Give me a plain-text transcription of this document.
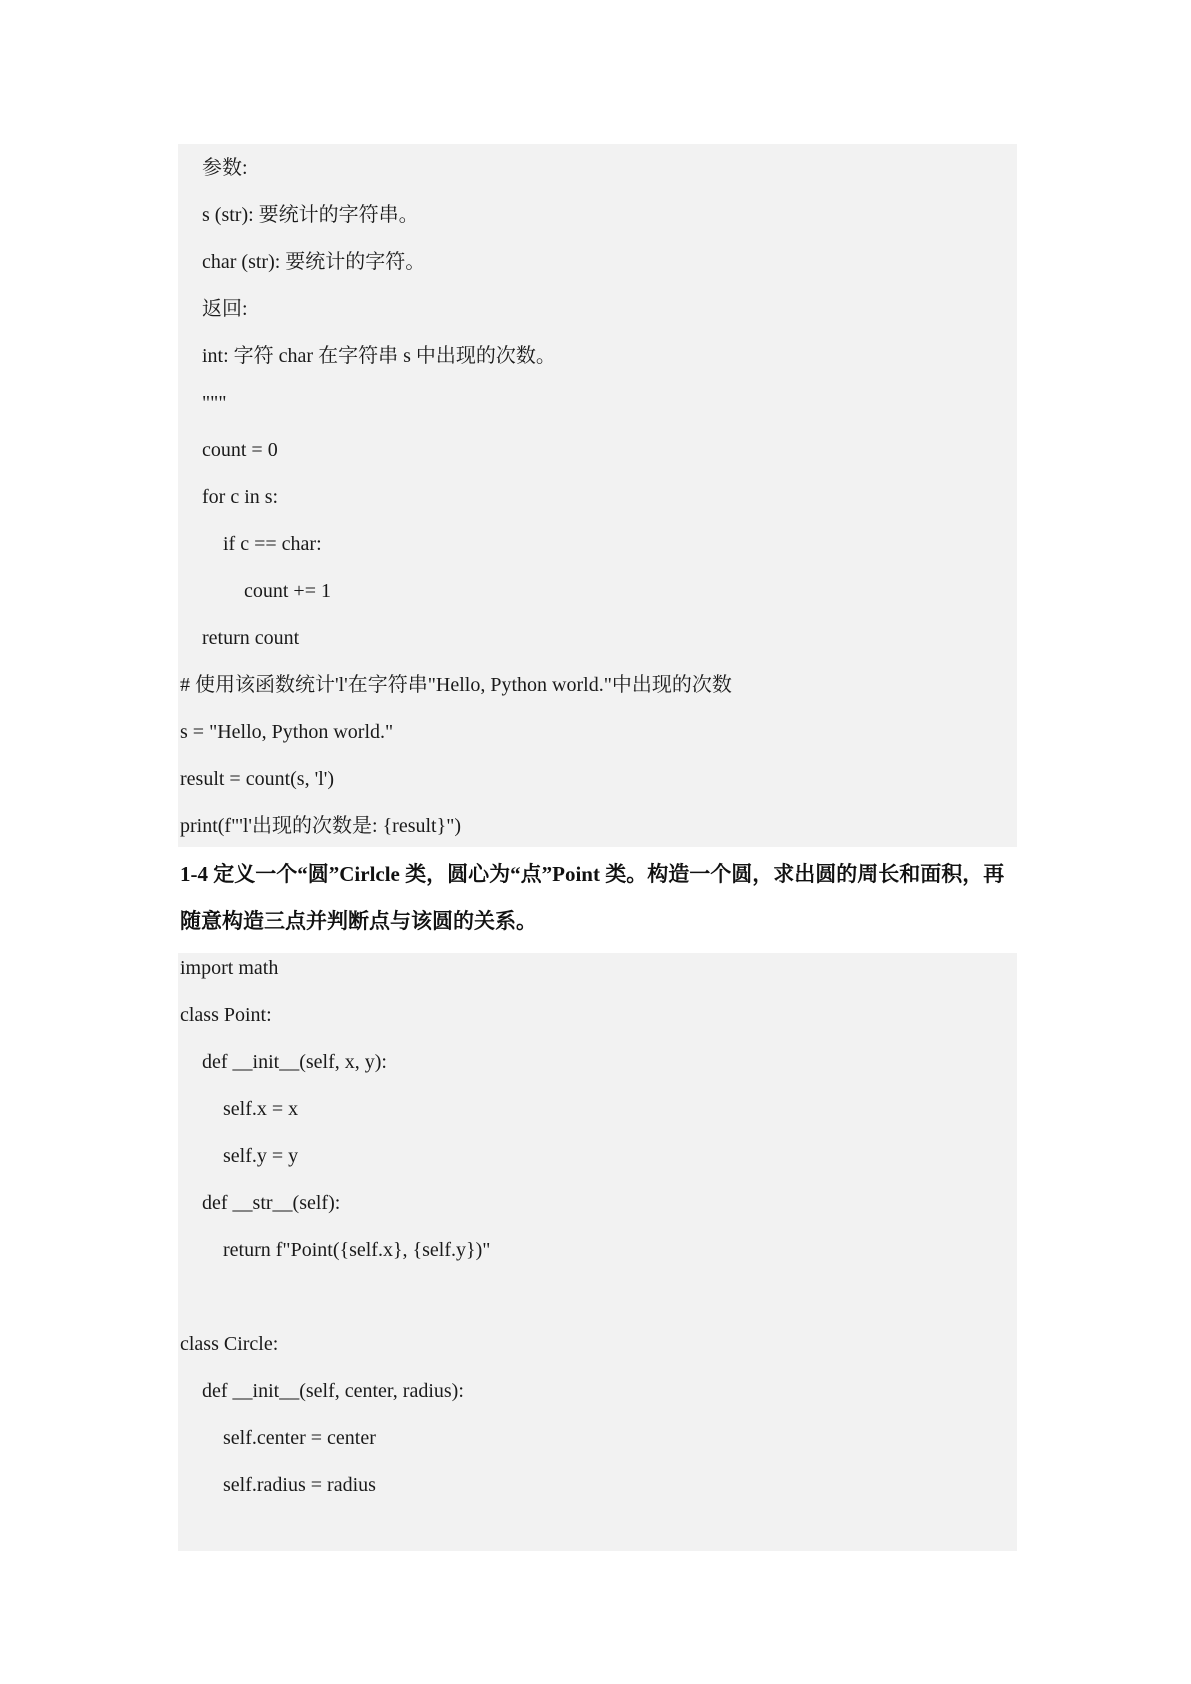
参数:
s (str): 要统计的字符串。
char (str): 要统计的字符。
返回:
int: 字符 char 在字符串 s 中出现的次数。
"""
count = 0
for c in s:
if c == char:
count += 1
return count
# 使用该函数统计'l'在字符串"Hello, Python world."中出现的次数
s = "Hello, Python world."
result = count(s, 'l')
print(f"'l'出现的次数是: {result}")
1-4 定义一个“圆”Cirlcle 类，圆心为“点”Point 类。构造一个圆，求出圆的周长和面积，再
随意构造三点并判断点与该圆的关系。
import math
class Point:
def __init__(self, x, y):
self.x = x
self.y = y
def __str__(self):
return f"Point({self.x}, {self.y})"
class Circle:
def __init__(self, center, radius):
self.center = center
self.radius = radius
